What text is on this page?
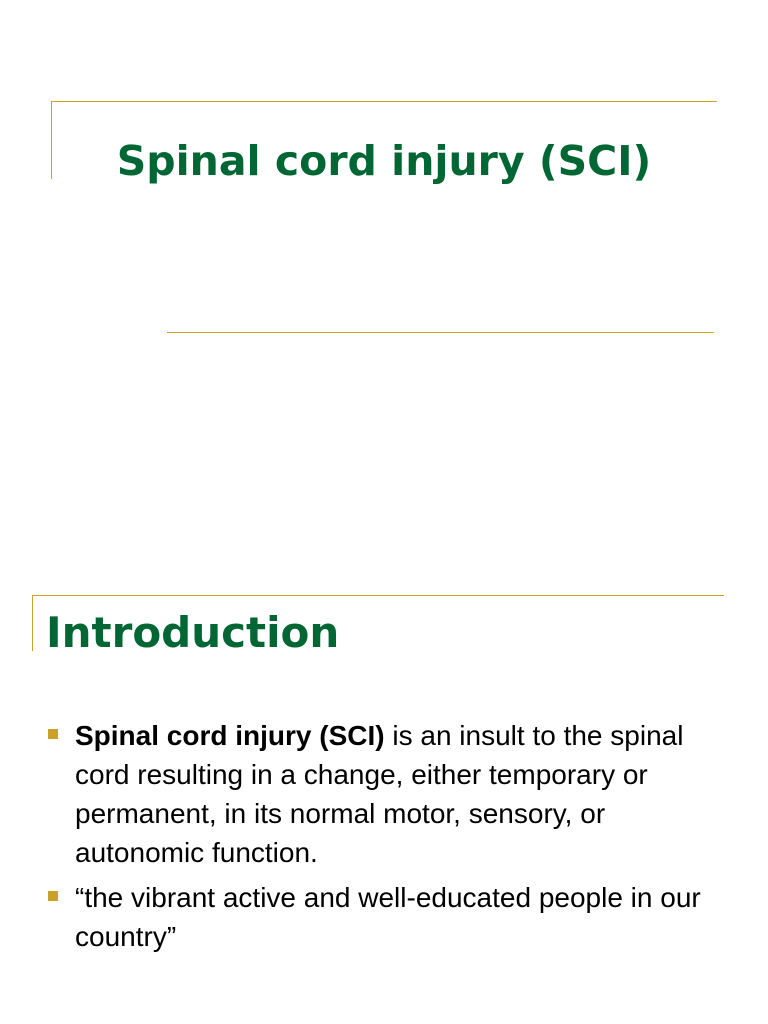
Spinal cord injury (SCI)
Introduction
Spinal cord injury (SCI) is an insult to the spinal cord resulting in a change, either temporary or permanent, in its normal motor, sensory, or autonomic function.
“the vibrant active and well-educated people in our country”
